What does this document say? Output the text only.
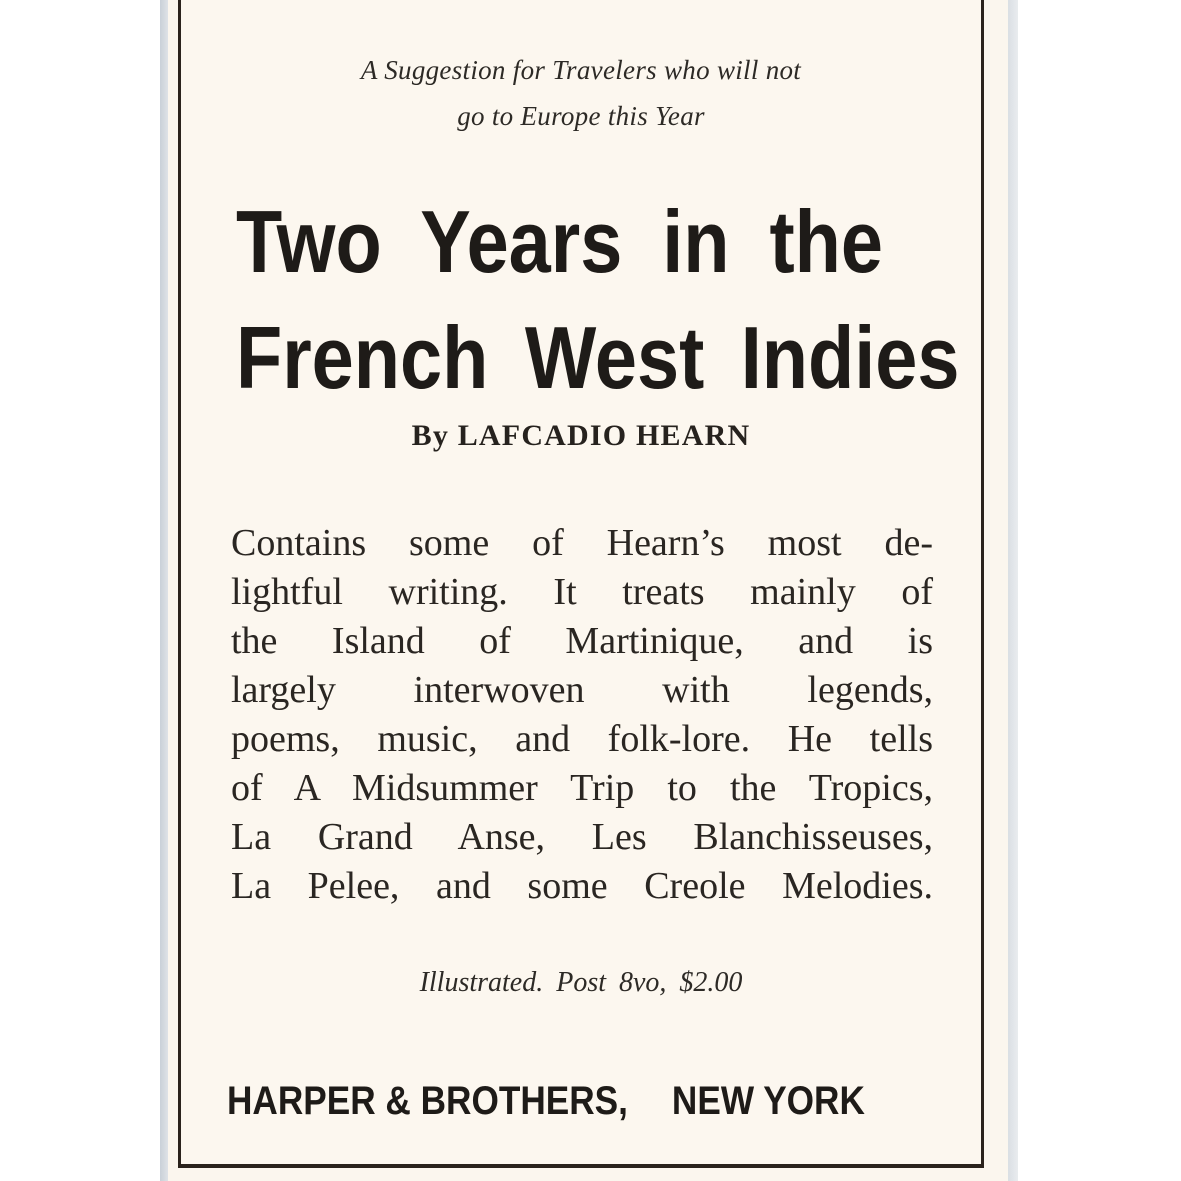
A Suggestion for Travelers who will not
go to Europe this Year
Two Years in the
French West Indies
By LAFCADIO HEARN
Contains some of Hearn’s most de-
lightful writing. It treats mainly of
the Island of Martinique, and is
largely interwoven with legends,
poems, music, and folk-lore. He tells
of A Midsummer Trip to the Tropics,
La Grand Anse, Les Blanchisseuses,
La Pelee, and some Creole Melodies.
Illustrated. Post 8vo, $2.00
HARPER & BROTHERS, NEW YORK
